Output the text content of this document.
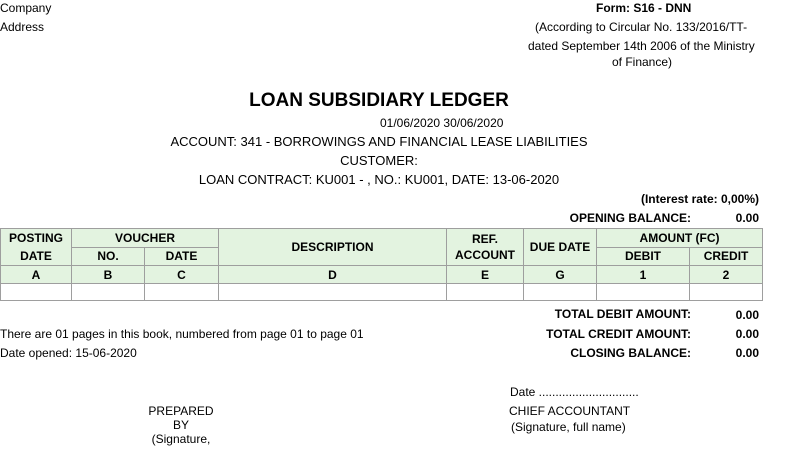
Company
Address
Form: S16 - DNN
(According to Circular No. 133/2016/TT-
dated September 14th 2006 of the Ministry
of Finance)
LOAN SUBSIDIARY LEDGER
01/06/2020 30/06/2020
ACCOUNT: 341 - BORROWINGS AND FINANCIAL LEASE LIABILITIES
CUSTOMER:
LOAN CONTRACT: KU001 - , NO.: KU001, DATE: 13-06-2020
(Interest rate: 0,00%)
OPENING BALANCE:	0.00
POSTING DATE	VOUCHER		DESCRIPTION	REF. ACCOUNT	DUE DATE	AMOUNT (FC)	
	NO.	DATE				DEBIT	CREDIT
A	B	C	D	E	G	1	2

TOTAL DEBIT AMOUNT:	0.00
TOTAL CREDIT AMOUNT:	0.00
CLOSING BALANCE:	0.00
There are 01 pages in this book, numbered from page 01 to page 01
Date opened: 15-06-2020
Date ..............................
PREPARED
BY
(Signature,
CHIEF ACCOUNTANT
(Signature, full name)
